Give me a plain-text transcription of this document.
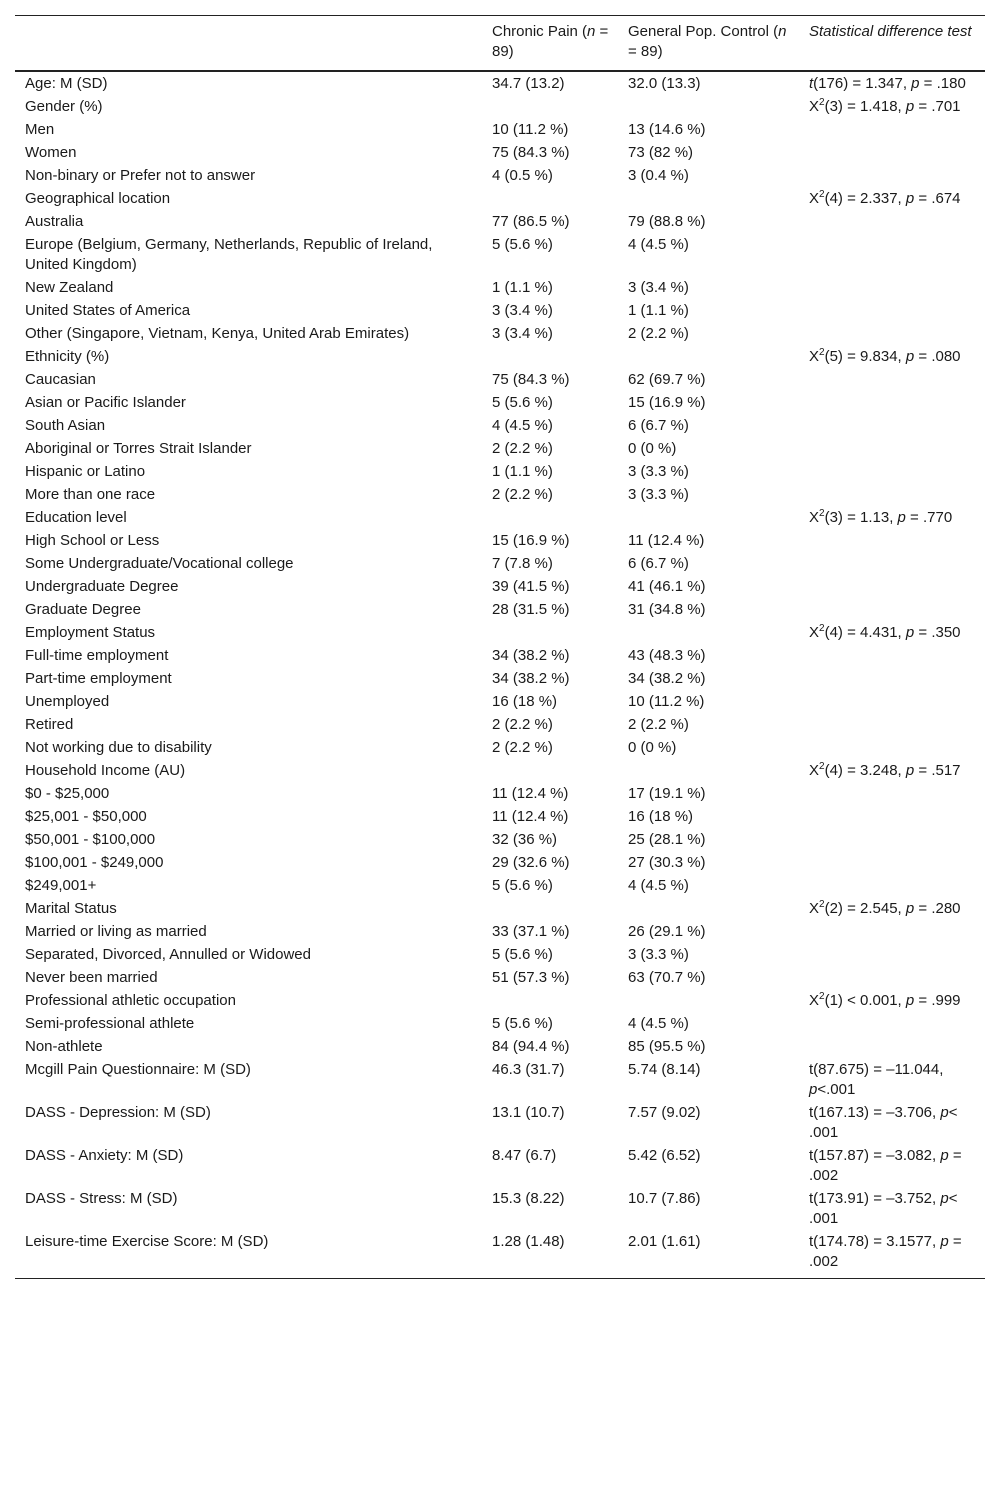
	Chronic Pain (n = 89)	General Pop. Control (n = 89)	Statistical difference test
Age: M (SD)	34.7 (13.2)	32.0 (13.3)	t(176) = 1.347, p = .180
Gender (%)			$X^2(3) = 1.418$, p = .701
Men	10 (11.2 %)	13 (14.6 %)	
Women	75 (84.3 %)	73 (82 %)	
Non-binary or Prefer not to answer	4 (0.5 %)	3 (0.4 %)	
Geographical location			$X^2(4) = 2.337$, p = .674
Australia	77 (86.5 %)	79 (88.8 %)	
Europe (Belgium, Germany, Netherlands, Republic of Ireland, United Kingdom)	5 (5.6 %)	4 (4.5 %)	
New Zealand	1 (1.1 %)	3 (3.4 %)	
United States of America	3 (3.4 %)	1 (1.1 %)	
Other (Singapore, Vietnam, Kenya, United Arab Emirates)	3 (3.4 %)	2 (2.2 %)	
Ethnicity (%)			$X^2(5) = 9.834$, p = .080
Caucasian	75 (84.3 %)	62 (69.7 %)	
Asian or Pacific Islander	5 (5.6 %)	15 (16.9 %)	
South Asian	4 (4.5 %)	6 (6.7 %)	
Aboriginal or Torres Strait Islander	2 (2.2 %)	0 (0 %)	
Hispanic or Latino	1 (1.1 %)	3 (3.3 %)	
More than one race	2 (2.2 %)	3 (3.3 %)	
Education level			$X^2(3) = 1.13$, p = .770
High School or Less	15 (16.9 %)	11 (12.4 %)	
Some Undergraduate/Vocational college	7 (7.8 %)	6 (6.7 %)	
Undergraduate Degree	39 (41.5 %)	41 (46.1 %)	
Graduate Degree	28 (31.5 %)	31 (34.8 %)	
Employment Status			$X^2(4) = 4.431$, p = .350
Full-time employment	34 (38.2 %)	43 (48.3 %)	
Part-time employment	34 (38.2 %)	34 (38.2 %)	
Unemployed	16 (18 %)	10 (11.2 %)	
Retired	2 (2.2 %)	2 (2.2 %)	
Not working due to disability	2 (2.2 %)	0 (0 %)	
Household Income (AU)			$X^2(4) = 3.248$, p = .517
$0 - $25,000	11 (12.4 %)	17 (19.1 %)	
$25,001 - $50,000	11 (12.4 %)	16 (18 %)	
$50,001 - $100,000	32 (36 %)	25 (28.1 %)	
$100,001 - $249,000	29 (32.6 %)	27 (30.3 %)	
$249,001+	5 (5.6 %)	4 (4.5 %)	
Marital Status			$X^2(2) = 2.545$, p = .280
Married or living as married	33 (37.1 %)	26 (29.1 %)	
Separated, Divorced, Annulled or Widowed	5 (5.6 %)	3 (3.3 %)	
Never been married	51 (57.3 %)	63 (70.7 %)	
Professional athletic occupation			$X^2(1) < 0.001$, p = .999
Semi-professional athlete	5 (5.6 %)	4 (4.5 %)	
Non-athlete	84 (94.4 %)	85 (95.5 %)	
Mcgill Pain Questionnaire: M (SD)	46.3 (31.7)	5.74 (8.14)	t(87.675) = –11.044, p<.001
DASS - Depression: M (SD)	13.1 (10.7)	7.57 (9.02)	t(167.13) = –3.706, p< .001
DASS - Anxiety: M (SD)	8.47 (6.7)	5.42 (6.52)	t(157.87) = –3.082, p = .002
DASS - Stress: M (SD)	15.3 (8.22)	10.7 (7.86)	t(173.91) = –3.752, p< .001
Leisure-time Exercise Score: M (SD)	1.28 (1.48)	2.01 (1.61)	t(174.78) = 3.1577, p = .002
